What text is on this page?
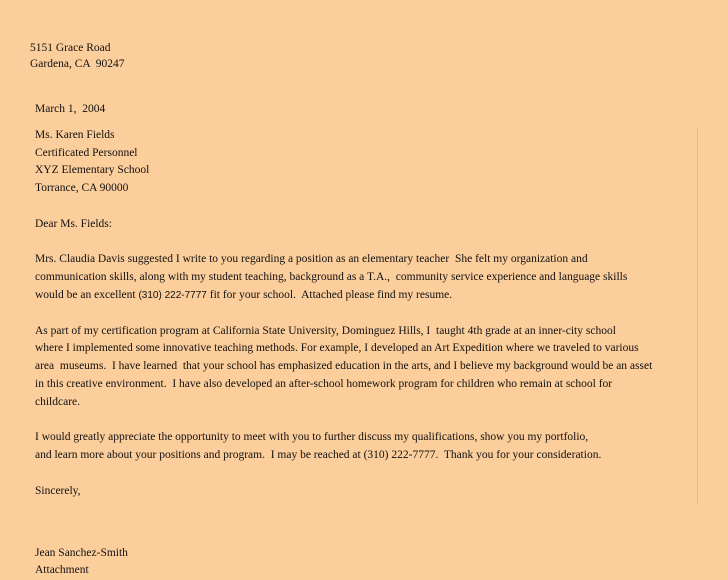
5151 Grace Road
Gardena, CA  90247
March 1,  2004
Ms. Karen Fields
Certificated Personnel
XYZ Elementary School
Torrance, CA 90000
Dear Ms. Fields:
Mrs. Claudia Davis suggested I write to you regarding a position as an elementary teacher  She felt my organization and
communication skills, along with my student teaching, background as a T.A.,  community service experience and language skills
would be an excellent (310) 222-7777 fit for your school.  Attached please find my resume.
As part of my certification program at California State University, Dominguez Hills, I  taught 4th grade at an inner-city school
where I implemented some innovative teaching methods. For example, I developed an Art Expedition where we traveled to various
area  museums.  I have learned  that your school has emphasized education in the arts, and I believe my background would be an asset
in this creative environment.  I have also developed an after-school homework program for children who remain at school for
childcare.
I would greatly appreciate the opportunity to meet with you to further discuss my qualifications, show you my portfolio,
and learn more about your positions and program.  I may be reached at (310) 222-7777.  Thank you for your consideration.
Sincerely,
Jean Sanchez-Smith
Attachment
